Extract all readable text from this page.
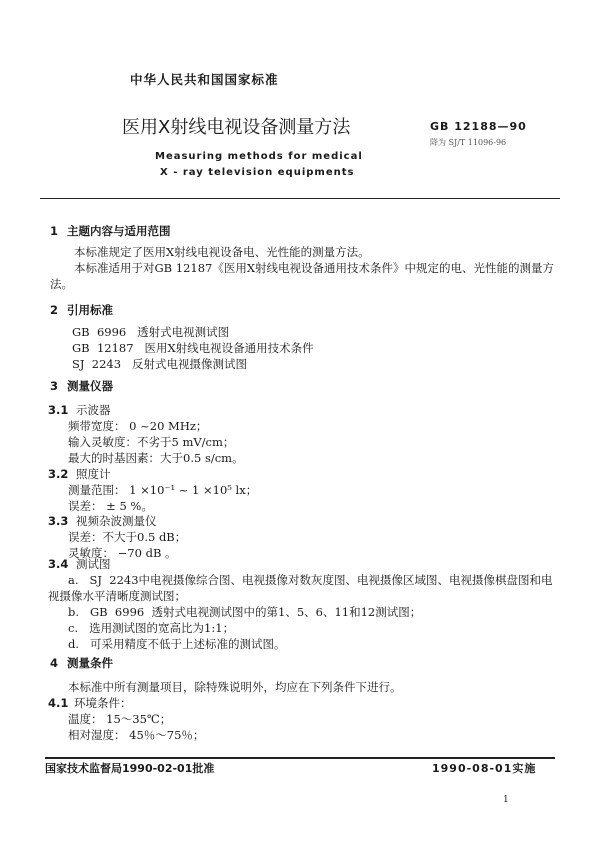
中华人民共和国国家标准
医用X射线电视设备测量方法	GB 12188—90
降为 SJ/T 11096-96
Measuring methods for medical
X - ray television equipments
1 主题内容与适用范围
本标准规定了医用X射线电视设备电、光性能的测量方法。
本标准适用于对GB 12187《医用X射线电视设备通用技术条件》中规定的电、光性能的测量方
法。
2 引用标准
GB  6996   透射式电视测试图
GB  12187   医用X射线电视设备通用技术条件
SJ  2243   反射式电视摄像测试图
3 测量仪器
3.1 示波器
频带宽度： 0 ~20 MHz；
输入灵敏度：不劣于5 mV/cm；
最大的时基因素：大于0.5 s/cm。
3.2 照度计
测量范围： 1 ×10⁻¹ ~ 1 ×10⁵ lx；
误差： ± 5 %。
3.3 视频杂波测量仪
误差：不大于0.5 dB；
灵敏度： −70 dB 。
3.4 测试图
a.   SJ  2243中电视摄像综合图、电视摄像对数灰度图、电视摄像区域图、电视摄像棋盘图和电
视摄像水平清晰度测试图；
b.   GB  6996  透射式电视测试图中的第1、5、6、11和12测试图；
c.   选用测试图的宽高比为1:1；
d.   可采用精度不低于上述标准的测试图。
4 测量条件
本标准中所有测量项目，除特殊说明外，均应在下列条件下进行。
4.1 环境条件：
温度： 15～35℃；
相对湿度： 45％～75％；
国家技术监督局1990-02-01批准	1990-08-01实施
1
